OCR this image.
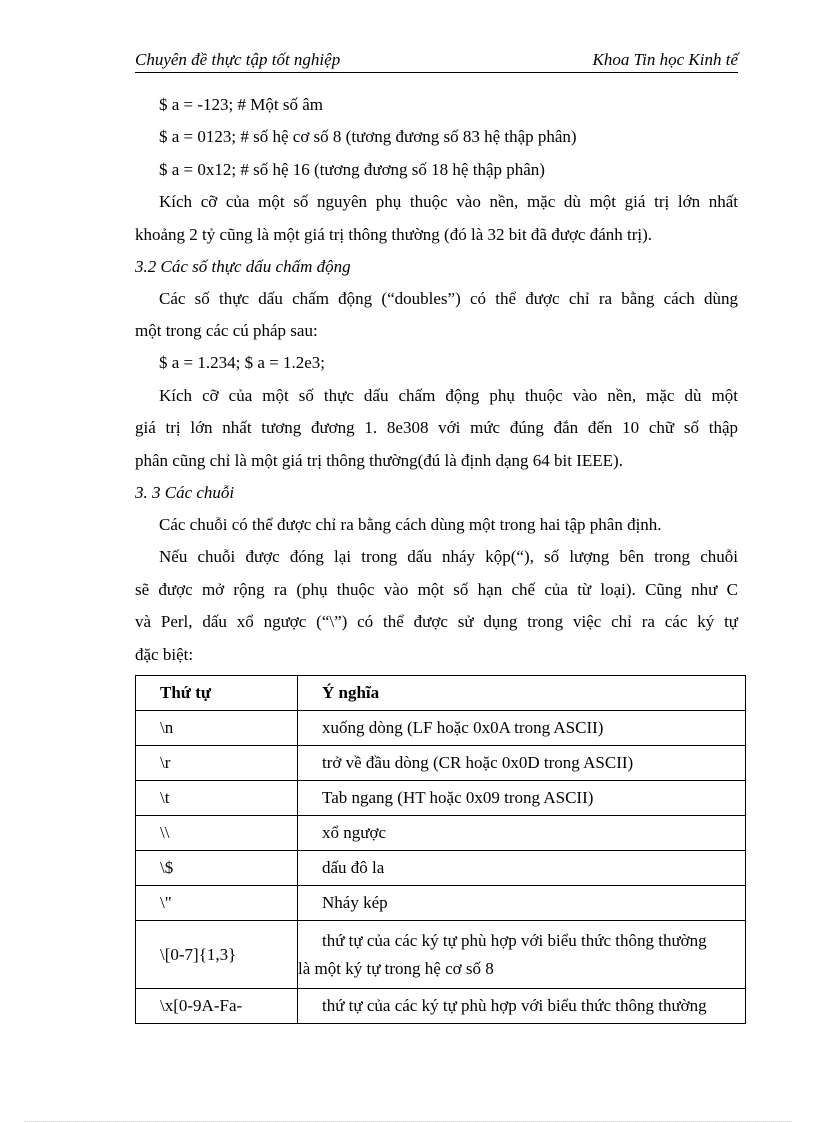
Chuyên đề thực tập tốt nghiệp	Khoa Tin học Kinh tế
$ a = -123; # Một số âm
$ a = 0123; # số hệ cơ số 8 (tương đương số 83 hệ thập phân)
$ a = 0x12; # số hệ 16 (tương đương số 18 hệ thập phân)
Kích cỡ của một số nguyên phụ thuộc vào nền, mặc dù một giá trị lớn nhất
khoảng 2 tỷ cũng là một giá trị thông thường (đó là 32 bit đã được đánh trị).
3.2 Các số thực dấu chấm động
Các số thực dấu chấm động (“doubles”) có thể được chỉ ra bằng cách dùng
một trong các cú pháp sau:
$ a = 1.234; $ a = 1.2e3;
Kích cỡ của một số thực dấu chấm động phụ thuộc vào nền, mặc dù một
giá trị lớn nhất tương đương 1. 8e308 với mức đúng đắn đến 10 chữ số thập
phân cũng chỉ là một giá trị thông thường(đú là định dạng 64 bit IEEE).
3. 3 Các chuỗi
Các chuỗi có thể được chỉ ra bằng cách dùng một trong hai tập phân định.
Nếu chuỗi được đóng lại trong dấu nháy kộp(“), số lượng bên trong chuỗi
sẽ được mở rộng ra (phụ thuộc vào một số hạn chế của từ loại). Cũng như C
và Perl, dấu xổ ngược (“\”) có thể được sử dụng trong việc chỉ ra các ký tự
đặc biệt:
Thứ tự	Ý nghĩa
\n	xuống dòng (LF hoặc 0x0A trong ASCII)
\r	trở về đầu dòng (CR hoặc 0x0D trong ASCII)
\t	Tab ngang (HT hoặc 0x09 trong ASCII)
\\	xổ ngược
\$	dấu đô la
\"	Nháy kép
\[0-7]{1,3}	thứ tự của các ký tự phù hợp với biểu thức thông thường
là một ký tự trong hệ cơ số 8

\x[0-9A-Fa-	thứ tự của các ký tự phù hợp với biểu thức thông thường
